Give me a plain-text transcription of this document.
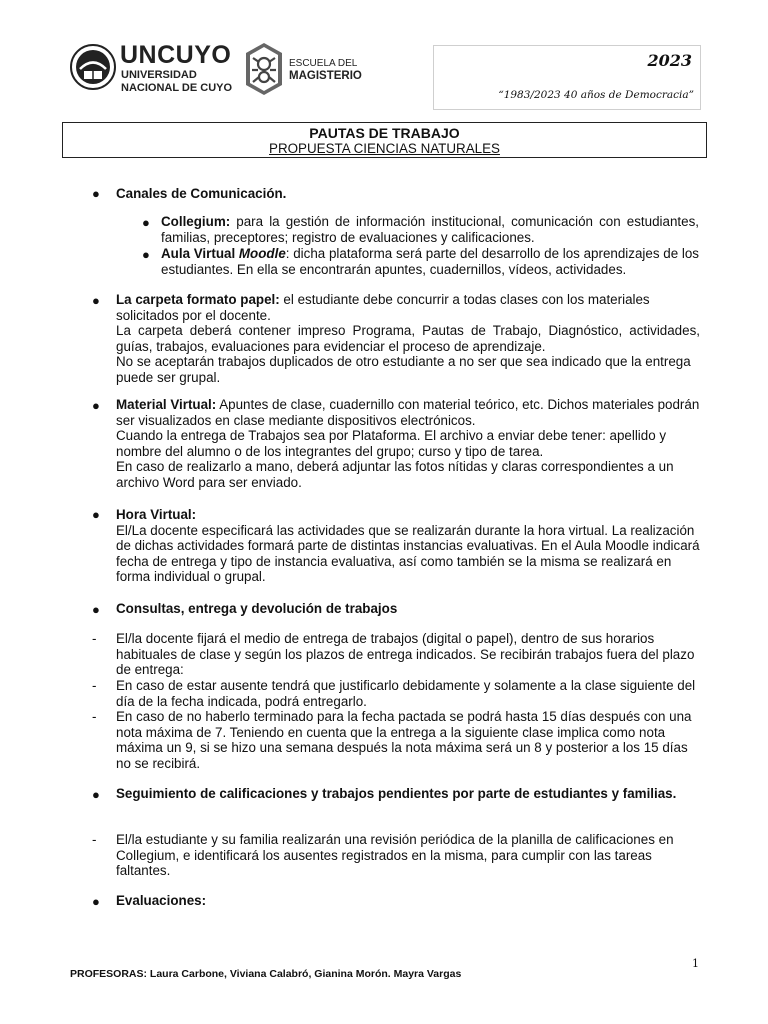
UNCUYO
UNIVERSIDAD
NACIONAL DE CUYO
ESCUELA DEL
MAGISTERIO
2023
“1983/2023 40 años de Democracia”
PAUTAS DE TRABAJO
PROPUESTA CIENCIAS NATURALES
● Canales de Comunicación.
● Collegium: para la gestión de información institucional, comunicación con estudiantes, familias, preceptores; registro de evaluaciones y calificaciones.
● Aula Virtual Moodle: dicha plataforma será parte del desarrollo de los aprendizajes de los estudiantes. En ella se encontrarán apuntes, cuadernillos, vídeos, actividades.
● La carpeta formato papel: el estudiante debe concurrir a todas clases con los materiales solicitados por el docente.
La carpeta deberá contener impreso Programa, Pautas de Trabajo, Diagnóstico, actividades, guías, trabajos, evaluaciones para evidenciar el proceso de aprendizaje.
No se aceptarán trabajos duplicados de otro estudiante a no ser que sea indicado que la entrega puede ser grupal.
● Material Virtual: Apuntes de clase, cuadernillo con material teórico, etc. Dichos materiales podrán ser visualizados en clase mediante dispositivos electrónicos.
Cuando la entrega de Trabajos sea por Plataforma. El archivo a enviar debe tener: apellido y nombre del alumno o de los integrantes del grupo; curso y tipo de tarea.
En caso de realizarlo a mano, deberá adjuntar las fotos nítidas y claras correspondientes a un archivo Word para ser enviado.
● Hora Virtual:
El/La docente especificará las actividades que se realizarán durante la hora virtual. La realización de dichas actividades formará parte de distintas instancias evaluativas. En el Aula Moodle indicará fecha de entrega y tipo de instancia evaluativa, así como también se la misma se realizará en forma individual o grupal.
● Consultas, entrega y devolución de trabajos
- El/la docente fijará el medio de entrega de trabajos (digital o papel), dentro de sus horarios habituales de clase y según los plazos de entrega indicados. Se recibirán trabajos fuera del plazo de entrega:
- En caso de estar ausente tendrá que justificarlo debidamente y solamente a la clase siguiente del día de la fecha indicada, podrá entregarlo.
- En caso de no haberlo terminado para la fecha pactada se podrá hasta 15 días después con una nota máxima de 7. Teniendo en cuenta que la entrega a la siguiente clase implica como nota máxima un 9, si se hizo una semana después la nota máxima será un 8 y posterior a los 15 días no se recibirá.
● Seguimiento de calificaciones y trabajos pendientes por parte de estudiantes y familias.
- El/la estudiante y su familia realizarán una revisión periódica de la planilla de calificaciones en Collegium, e identificará los ausentes registrados en la misma, para cumplir con las tareas faltantes.
● Evaluaciones:
1
PROFESORAS: Laura Carbone, Viviana Calabró, Gianina Morón. Mayra Vargas
